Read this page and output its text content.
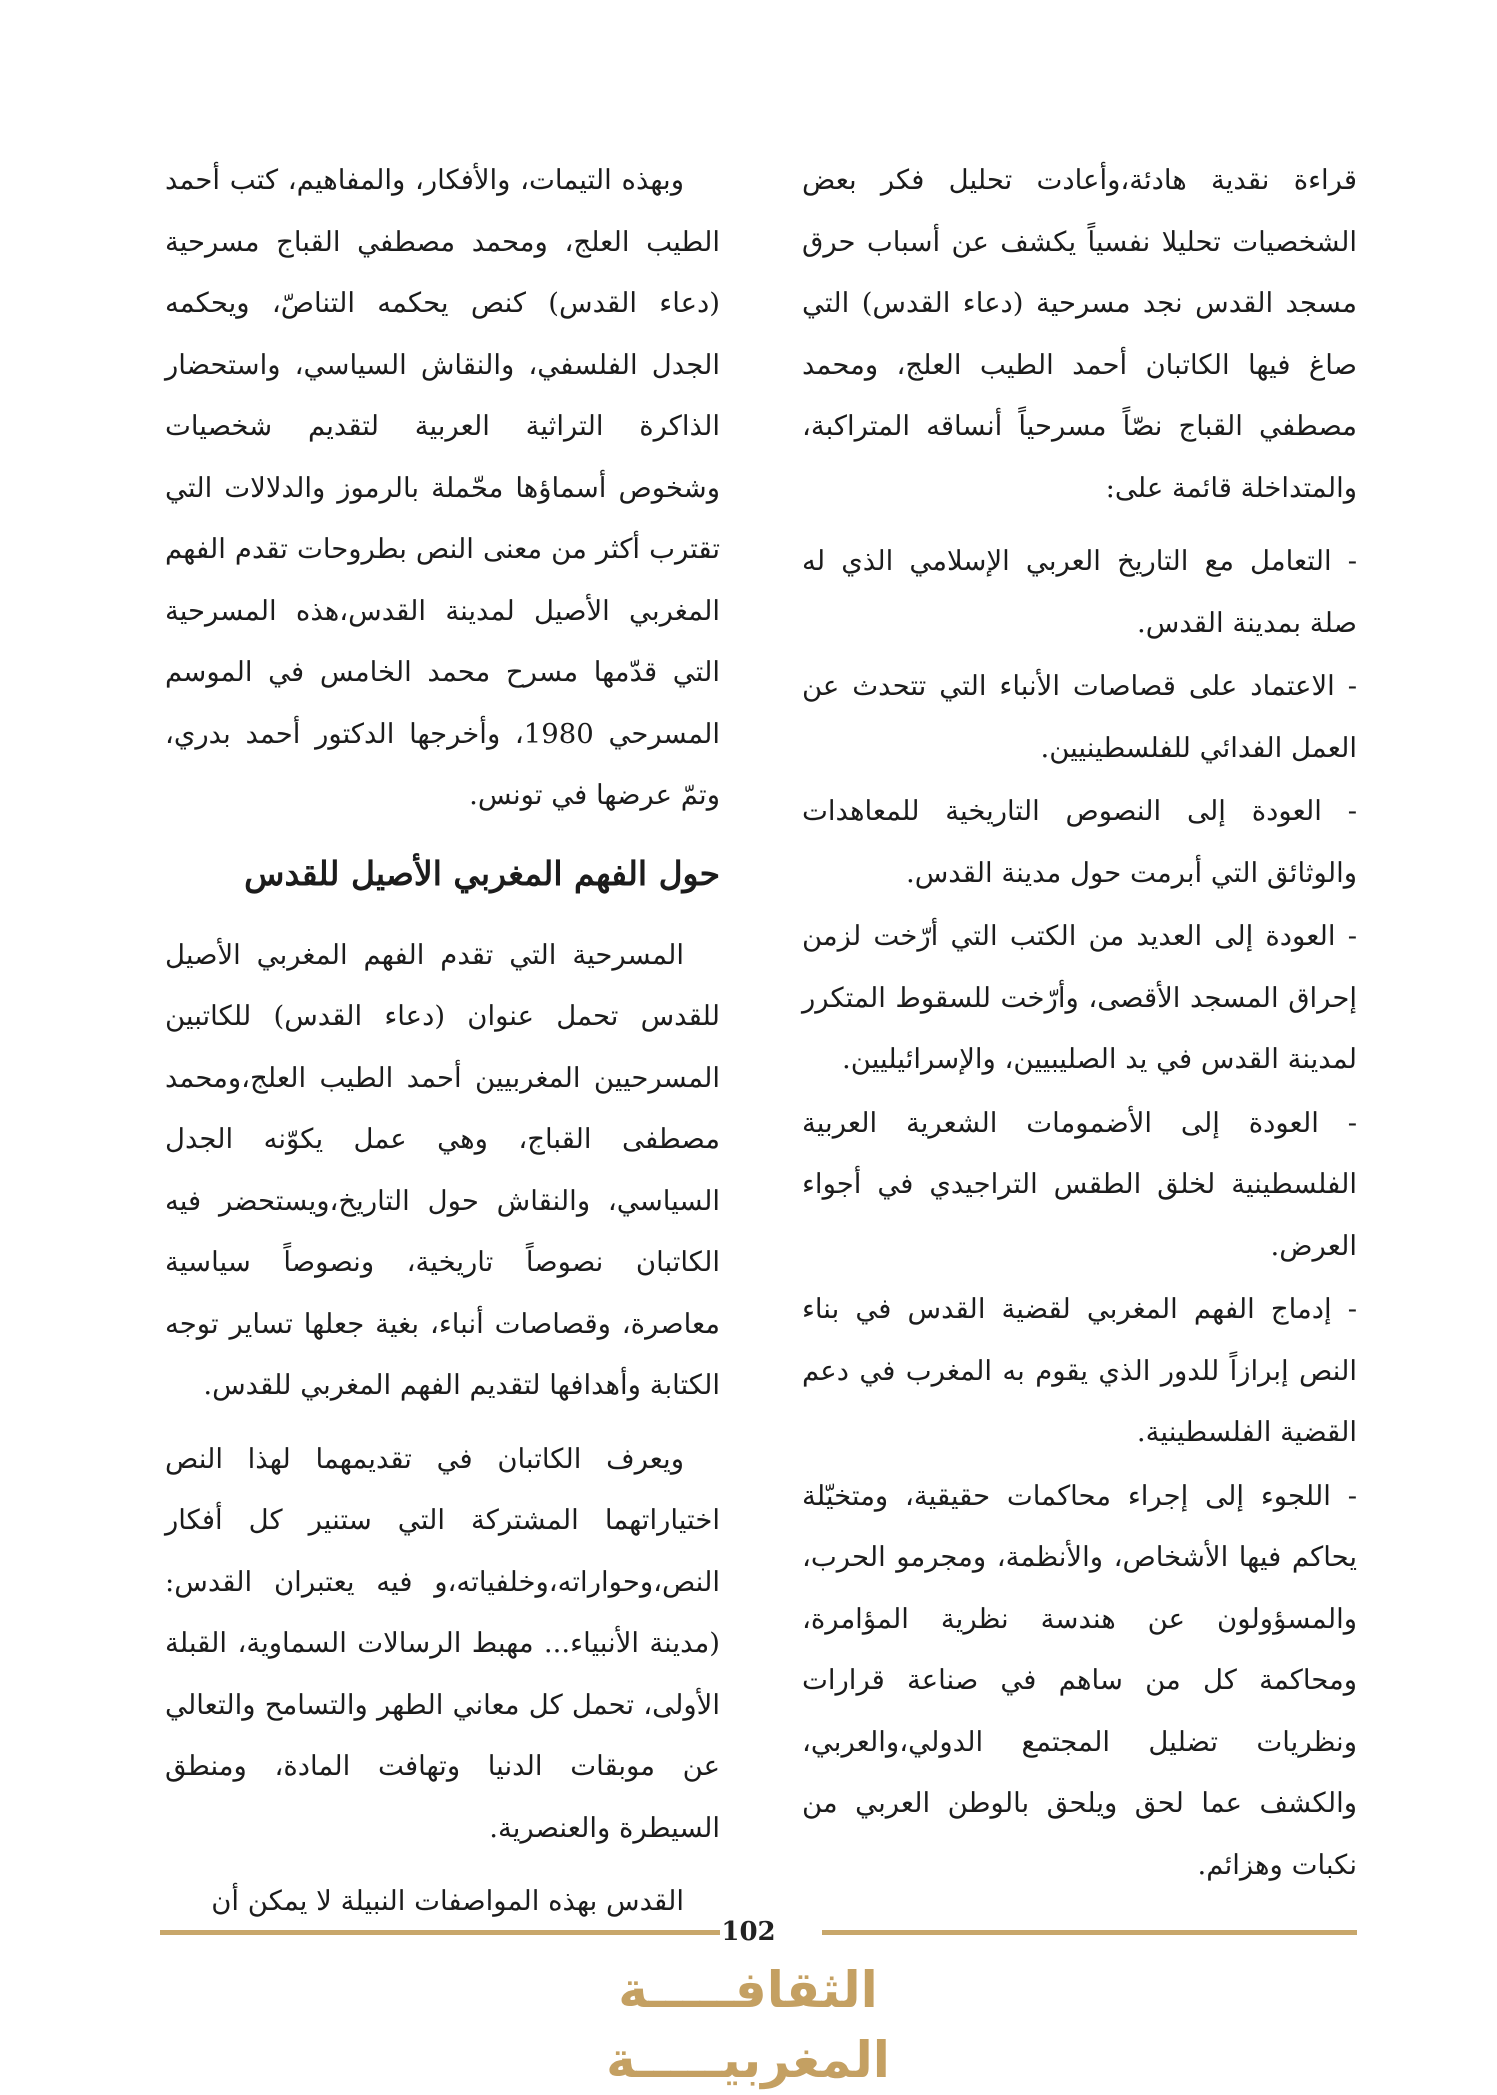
قراءة نقدية هادئة،وأعادت تحليل فكر بعض الشخصيات تحليلا نفسياً يكشف عن أسباب حرق مسجد القدس نجد مسرحية (دعاء القدس) التي صاغ فيها الكاتبان أحمد الطيب العلج، ومحمد مصطفي القباج نصّاً مسرحياً أنساقه المتراكبة، والمتداخلة قائمة على:

- التعامل مع التاريخ العربي الإسلامي الذي له صلة بمدينة القدس.

- الاعتماد على قصاصات الأنباء التي تتحدث عن العمل الفدائي للفلسطينيين.

- العودة إلى النصوص التاريخية للمعاهدات والوثائق التي أبرمت حول مدينة القدس.

- العودة إلى العديد من الكتب التي أرّخت لزمن إحراق المسجد الأقصى، وأرّخت للسقوط المتكرر لمدينة القدس في يد الصليبيين، والإسرائيليين.

- العودة إلى الأضمومات الشعرية العربية الفلسطينية لخلق الطقس التراجيدي في أجواء العرض.

- إدماج الفهم المغربي لقضية القدس في بناء النص إبرازاً للدور الذي يقوم به المغرب في دعم القضية الفلسطينية.

- اللجوء إلى إجراء محاكمات حقيقية، ومتخيّلة يحاكم فيها الأشخاص، والأنظمة، ومجرمو الحرب، والمسؤولون عن هندسة نظرية المؤامرة، ومحاكمة كل من ساهم في صناعة قرارات ونظريات تضليل المجتمع الدولي،والعربي، والكشف عما لحق ويلحق بالوطن العربي من نكبات وهزائم.

وبهذه التيمات، والأفكار، والمفاهيم، كتب أحمد الطيب العلج، ومحمد مصطفي القباج مسرحية (دعاء القدس) كنص يحكمه التناصّ، ويحكمه الجدل الفلسفي، والنقاش السياسي، واستحضار الذاكرة التراثية العربية لتقديم شخصيات وشخوص أسماؤها محّملة بالرموز والدلالات التي تقترب أكثر من معنى النص بطروحات تقدم الفهم المغربي الأصيل لمدينة القدس،هذه المسرحية التي قدّمها مسرح محمد الخامس في الموسم المسرحي 1980، وأخرجها الدكتور أحمد بدري، وتمّ عرضها في تونس.

حول الفهم المغربي الأصيل للقدس

المسرحية التي تقدم الفهم المغربي الأصيل للقدس تحمل عنوان (دعاء القدس) للكاتبين المسرحيين المغربيين أحمد الطيب العلج،ومحمد مصطفى القباج، وهي عمل يكوّنه الجدل السياسي، والنقاش حول التاريخ،ويستحضر فيه الكاتبان نصوصاً تاريخية، ونصوصاً سياسية معاصرة، وقصاصات أنباء، بغية جعلها تساير توجه الكتابة وأهدافها لتقديم الفهم المغربي للقدس.

ويعرف الكاتبان في تقديمهما لهذا النص اختياراتهما المشتركة التي ستنير كل أفكار النص،وحواراته،وخلفياته،و فيه يعتبران القدس:(مدينة الأنبياء... مهبط الرسالات السماوية، القبلة الأولى، تحمل كل معاني الطهر والتسامح والتعالي عن موبقات الدنيا وتهافت المادة، ومنطق السيطرة والعنصرية.

القدس بهذه المواصفات النبيلة لا يمكن أن

102
الثقافـــــة المغربيـــــة
